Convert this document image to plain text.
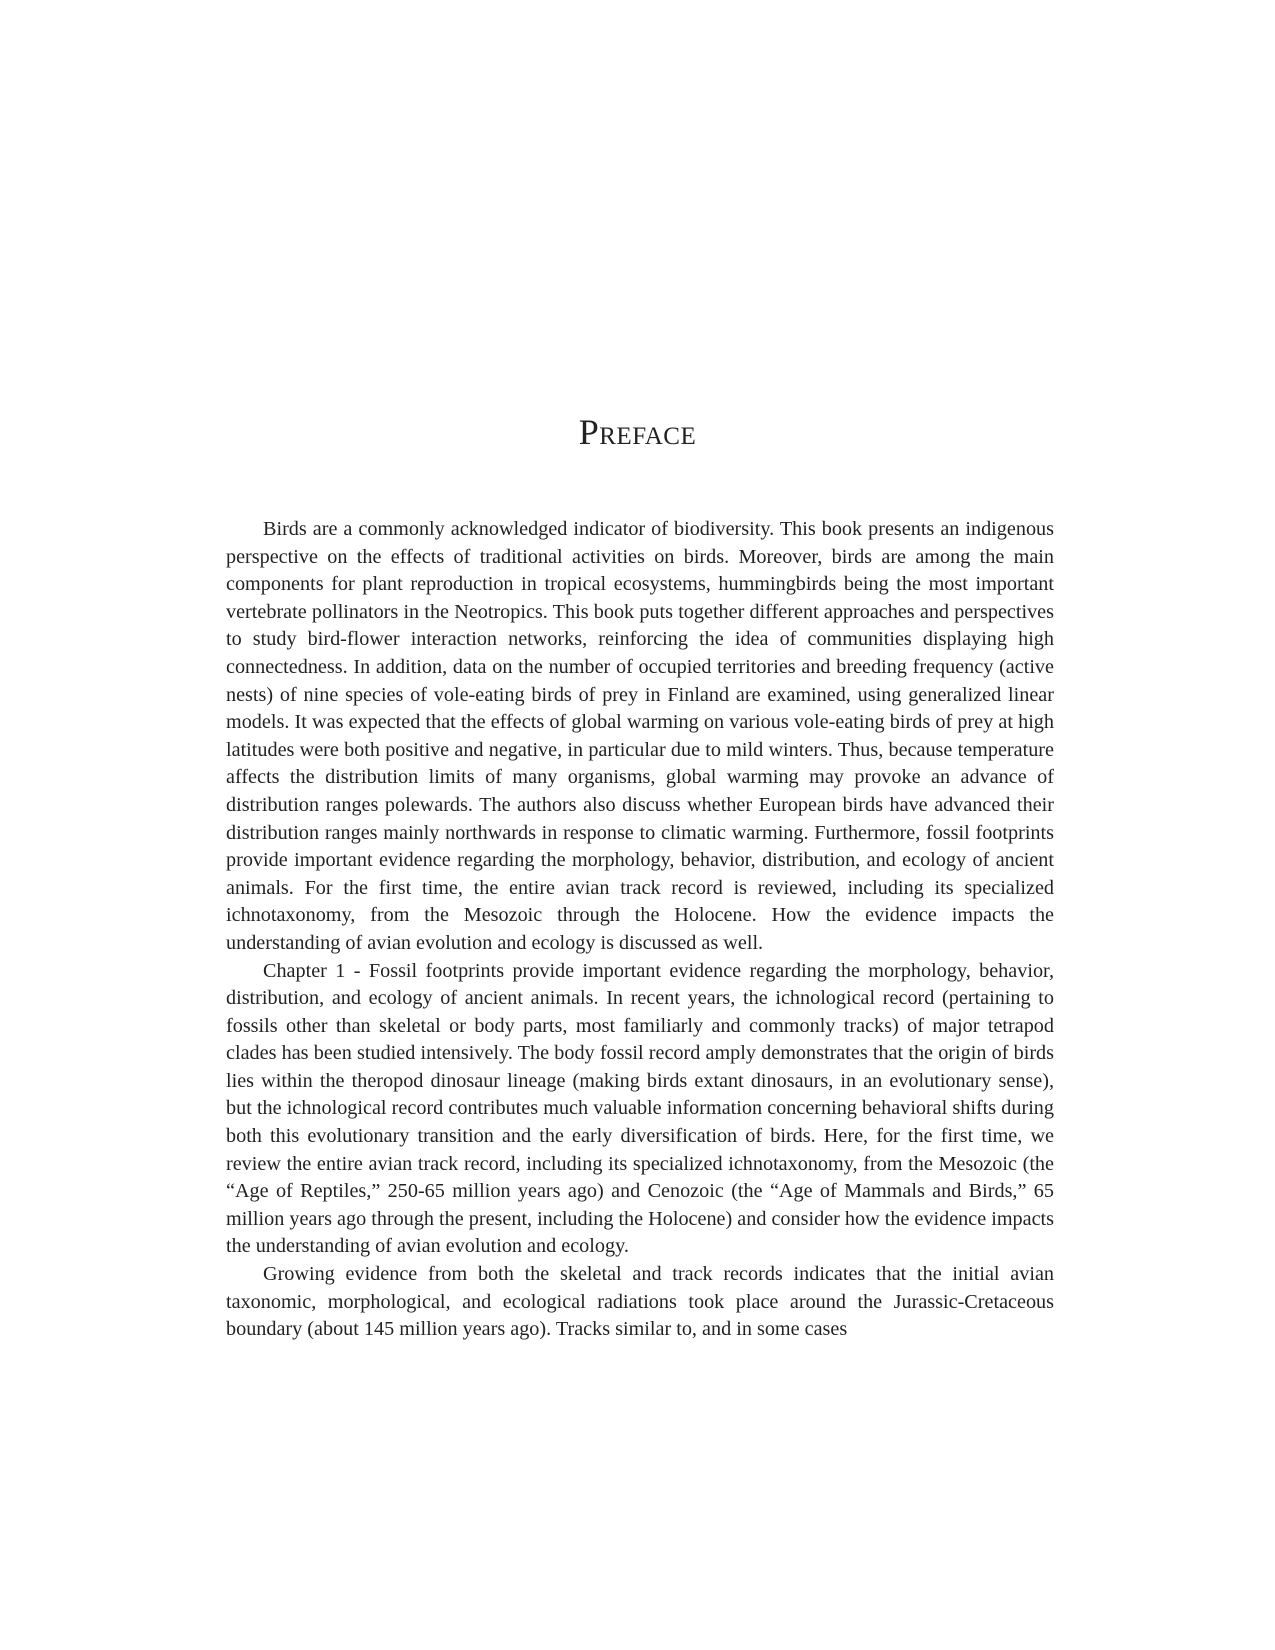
Preface

Birds are a commonly acknowledged indicator of biodiversity. This book presents an indigenous perspective on the effects of traditional activities on birds. Moreover, birds are among the main components for plant reproduction in tropical ecosystems, hummingbirds being the most important vertebrate pollinators in the Neotropics. This book puts together different approaches and perspectives to study bird-flower interaction networks, reinforcing the idea of communities displaying high connectedness. In addition, data on the number of occupied territories and breeding frequency (active nests) of nine species of vole-eating birds of prey in Finland are examined, using generalized linear models. It was expected that the effects of global warming on various vole-eating birds of prey at high latitudes were both positive and negative, in particular due to mild winters. Thus, because temperature affects the distribution limits of many organisms, global warming may provoke an advance of distribution ranges polewards. The authors also discuss whether European birds have advanced their distribution ranges mainly northwards in response to climatic warming. Furthermore, fossil footprints provide important evidence regarding the morphology, behavior, distribution, and ecology of ancient animals. For the first time, the entire avian track record is reviewed, including its specialized ichnotaxonomy, from the Mesozoic through the Holocene. How the evidence impacts the understanding of avian evolution and ecology is discussed as well.

Chapter 1 - Fossil footprints provide important evidence regarding the morphology, behavior, distribution, and ecology of ancient animals. In recent years, the ichnological record (pertaining to fossils other than skeletal or body parts, most familiarly and commonly tracks) of major tetrapod clades has been studied intensively. The body fossil record amply demonstrates that the origin of birds lies within the theropod dinosaur lineage (making birds extant dinosaurs, in an evolutionary sense), but the ichnological record contributes much valuable information concerning behavioral shifts during both this evolutionary transition and the early diversification of birds. Here, for the first time, we review the entire avian track record, including its specialized ichnotaxonomy, from the Mesozoic (the “Age of Reptiles,” 250-65 million years ago) and Cenozoic (the “Age of Mammals and Birds,” 65 million years ago through the present, including the Holocene) and consider how the evidence impacts the understanding of avian evolution and ecology.

Growing evidence from both the skeletal and track records indicates that the initial avian taxonomic, morphological, and ecological radiations took place around the Jurassic-Cretaceous boundary (about 145 million years ago). Tracks similar to, and in some cases
